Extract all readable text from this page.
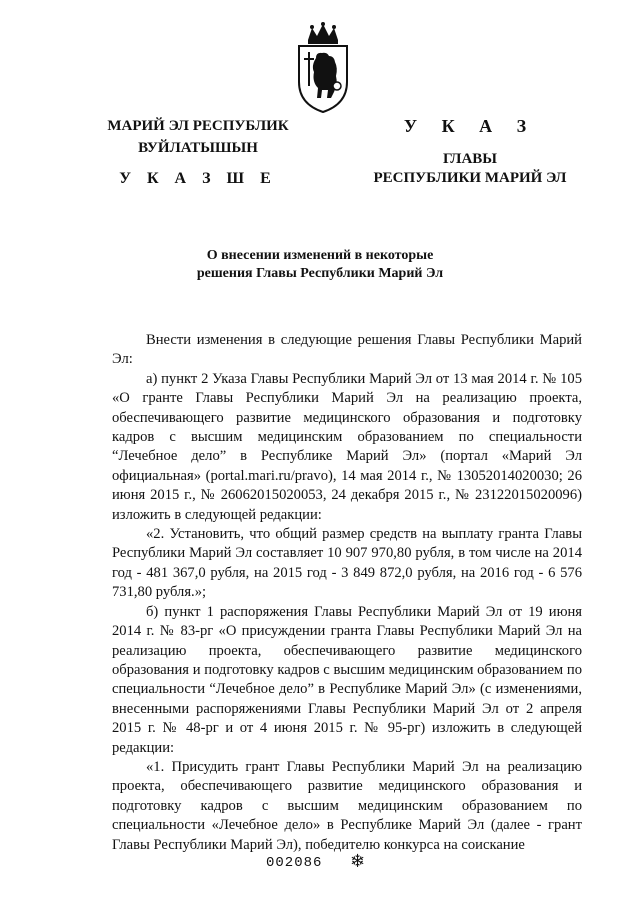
МАРИЙ ЭЛ РЕСПУБЛИК
ВУЙЛАТЫШЫН
У К А З Ш Е
У К А З
ГЛАВЫ
РЕСПУБЛИКИ МАРИЙ ЭЛ
О внесении изменений в некоторые
решения Главы Республики Марий Эл

Внести изменения в следующие решения Главы Республики Марий Эл:

а) пункт 2 Указа Главы Республики Марий Эл от 13 мая 2014 г. № 105 «О гранте Главы Республики Марий Эл на реализацию проекта, обеспечивающего развитие медицинского образования и подготовку кадров с высшим медицинским образованием по специальности “Лечебное дело” в Республике Марий Эл» (портал «Марий Эл официальная» (portal.mari.ru/pravo), 14 мая 2014 г., № 13052014020030; 26 июня 2015 г., № 26062015020053, 24 декабря 2015 г., № 23122015020096) изложить в следующей редакции:

«2. Установить, что общий размер средств на выплату гранта Главы Республики Марий Эл составляет 10 907 970,80 рубля, в том числе на 2014 год - 481 367,0 рубля, на 2015 год - 3 849 872,0 рубля, на 2016 год - 6 576 731,80 рубля.»;

б) пункт 1 распоряжения Главы Республики Марий Эл от 19 июня 2014 г. № 83-рг «О присуждении гранта Главы Республики Марий Эл на реализацию проекта, обеспечивающего развитие медицинского образования и подготовку кадров с высшим медицинским образованием по специальности “Лечебное дело” в Республике Марий Эл» (с изменениями, внесенными распоряжениями Главы Республики Марий Эл от 2 апреля 2015 г. № 48-рг и от 4 июня 2015 г. № 95-рг) изложить в следующей редакции:

«1. Присудить грант Главы Республики Марий Эл на реализацию проекта, обеспечивающего развитие медицинского образования и подготовку кадров с высшим медицинским образованием по специальности «Лечебное дело» в Республике Марий Эл (далее - грант Главы Республики Марий Эл), победителю конкурса на соискание

002086 ❄
